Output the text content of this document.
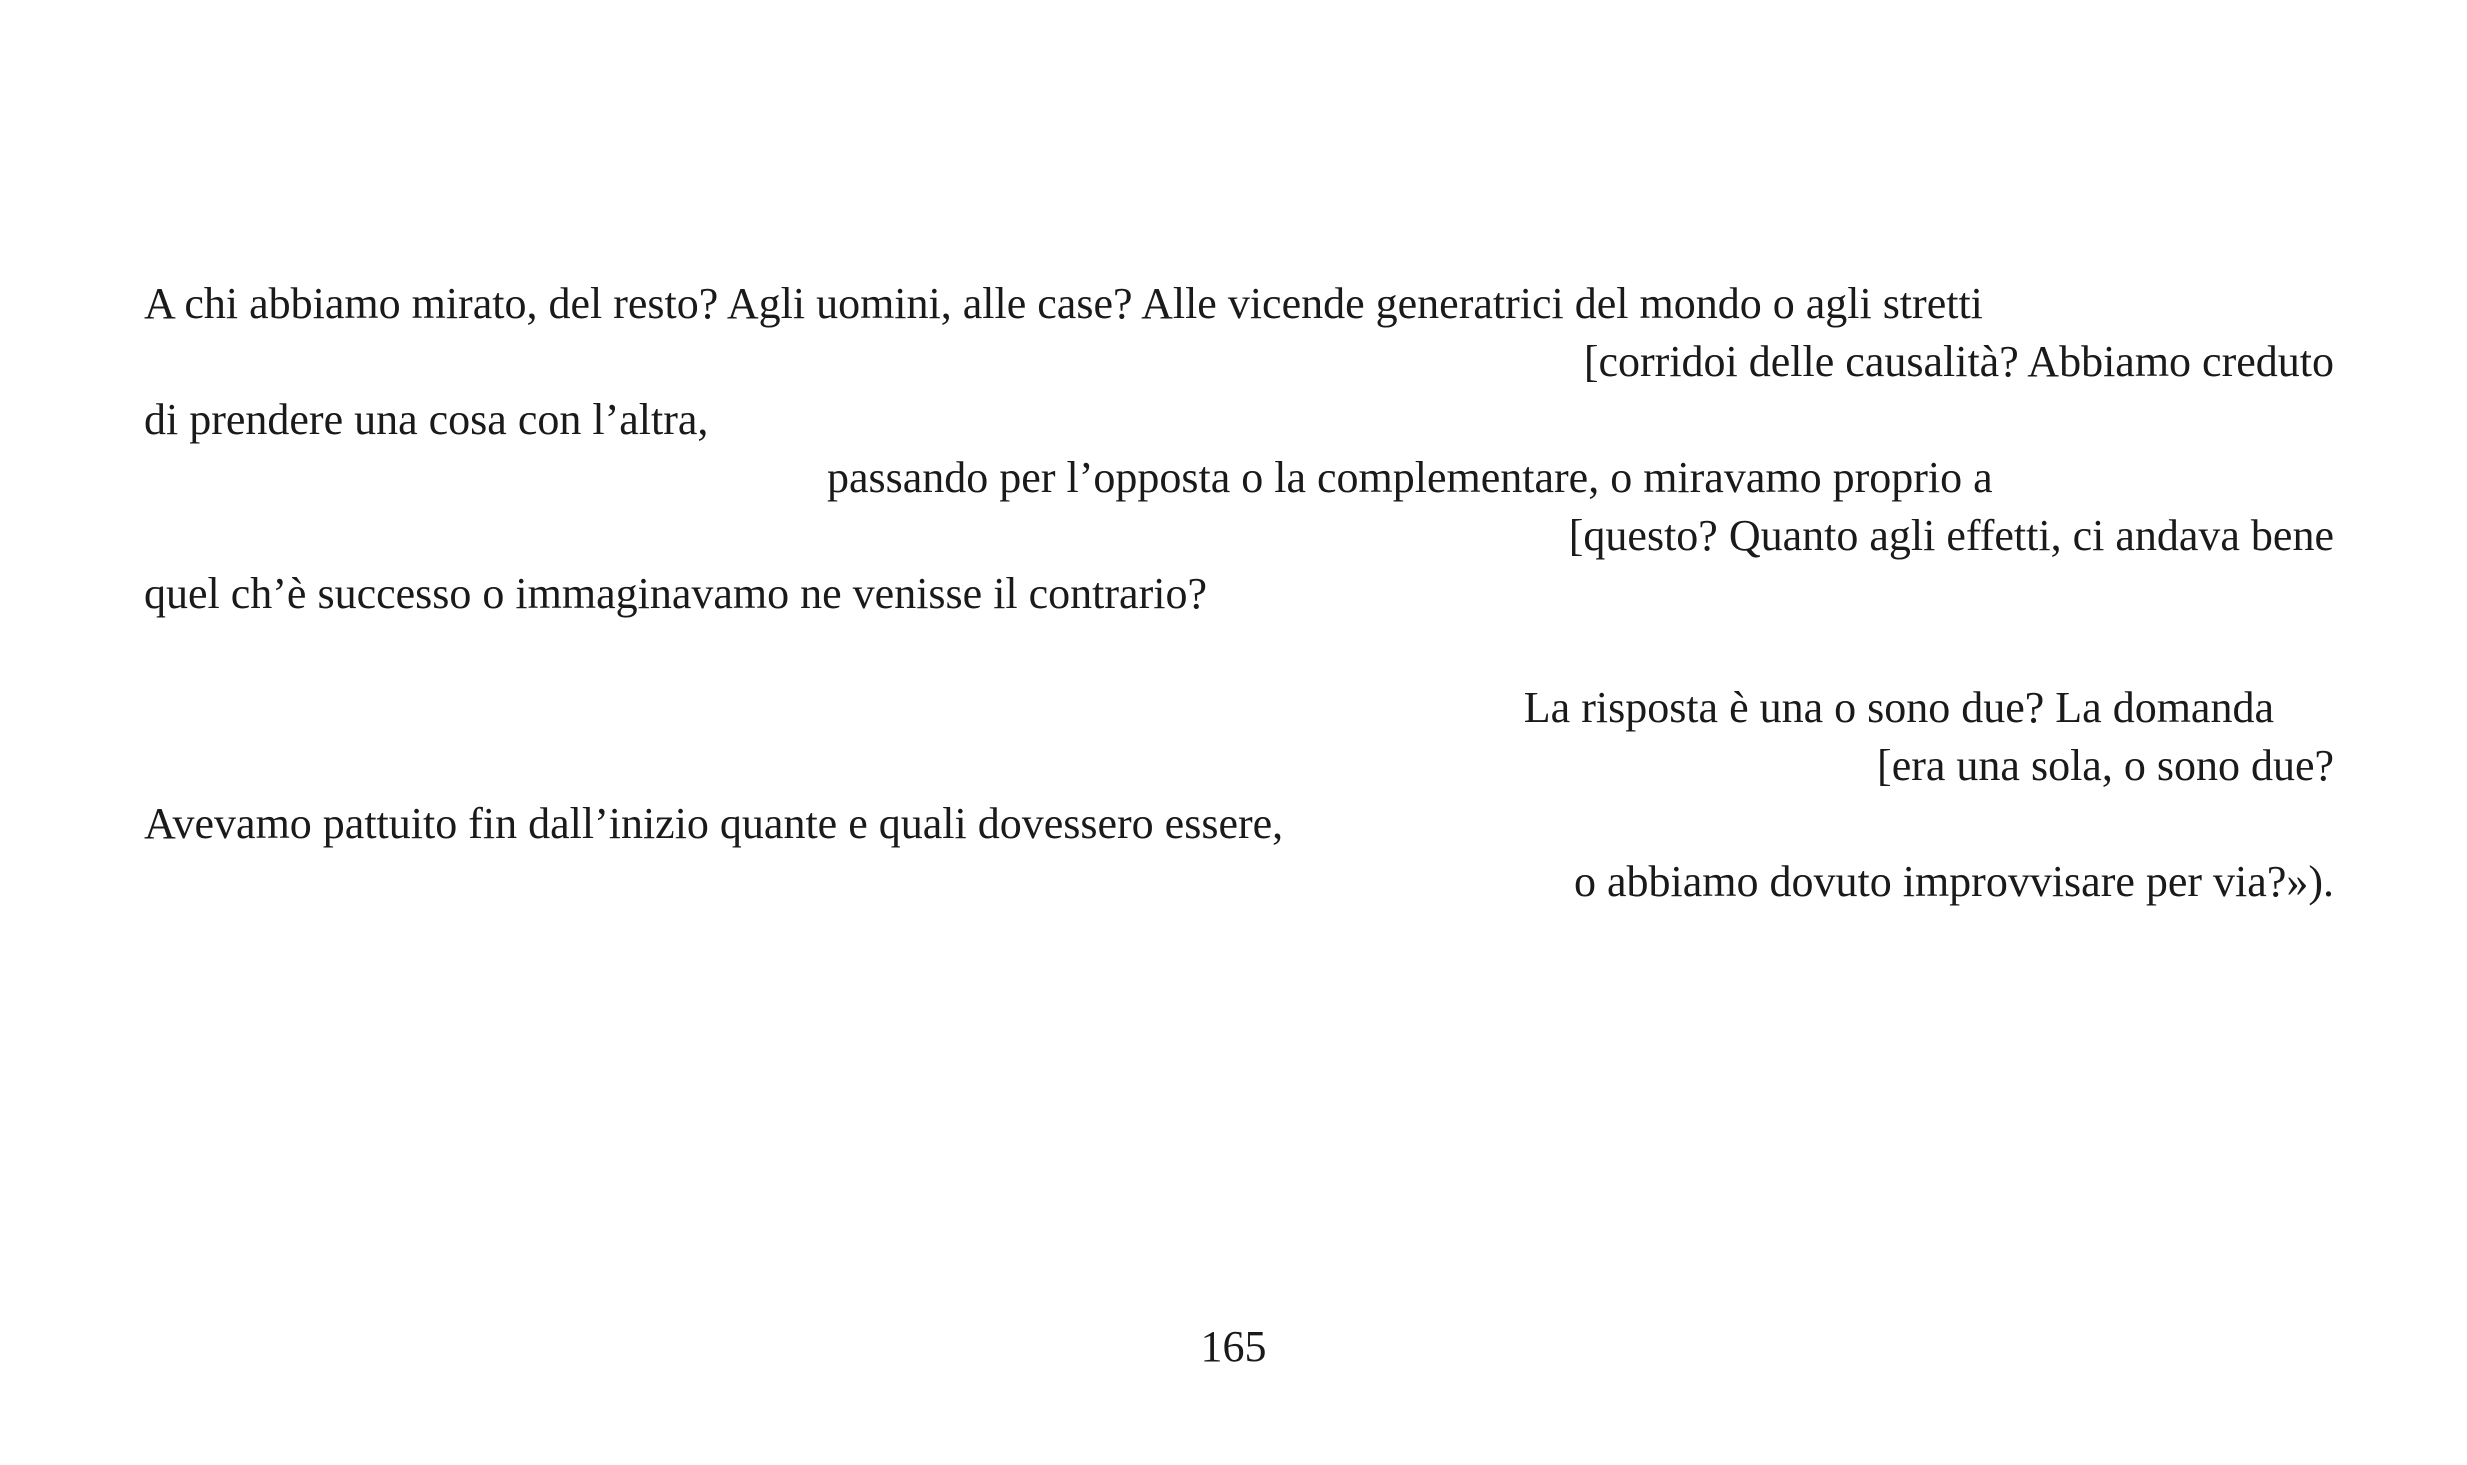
A chi abbiamo mirato, del resto? Agli uomini, alle case? Alle vicende generatrici del mondo o agli stretti
[corridoi delle causalità? Abbiamo creduto
di prendere una cosa con l’altra,
passando per l’opposta o la complementare, o miravamo proprio a
[questo? Quanto agli effetti, ci andava bene
quel ch’è successo o immaginavamo ne venisse il contrario?
La risposta è una o sono due? La domanda
[era una sola, o sono due?
Avevamo pattuito fin dall’inizio quante e quali dovessero essere,
o abbiamo dovuto improvvisare per via?»).
165
